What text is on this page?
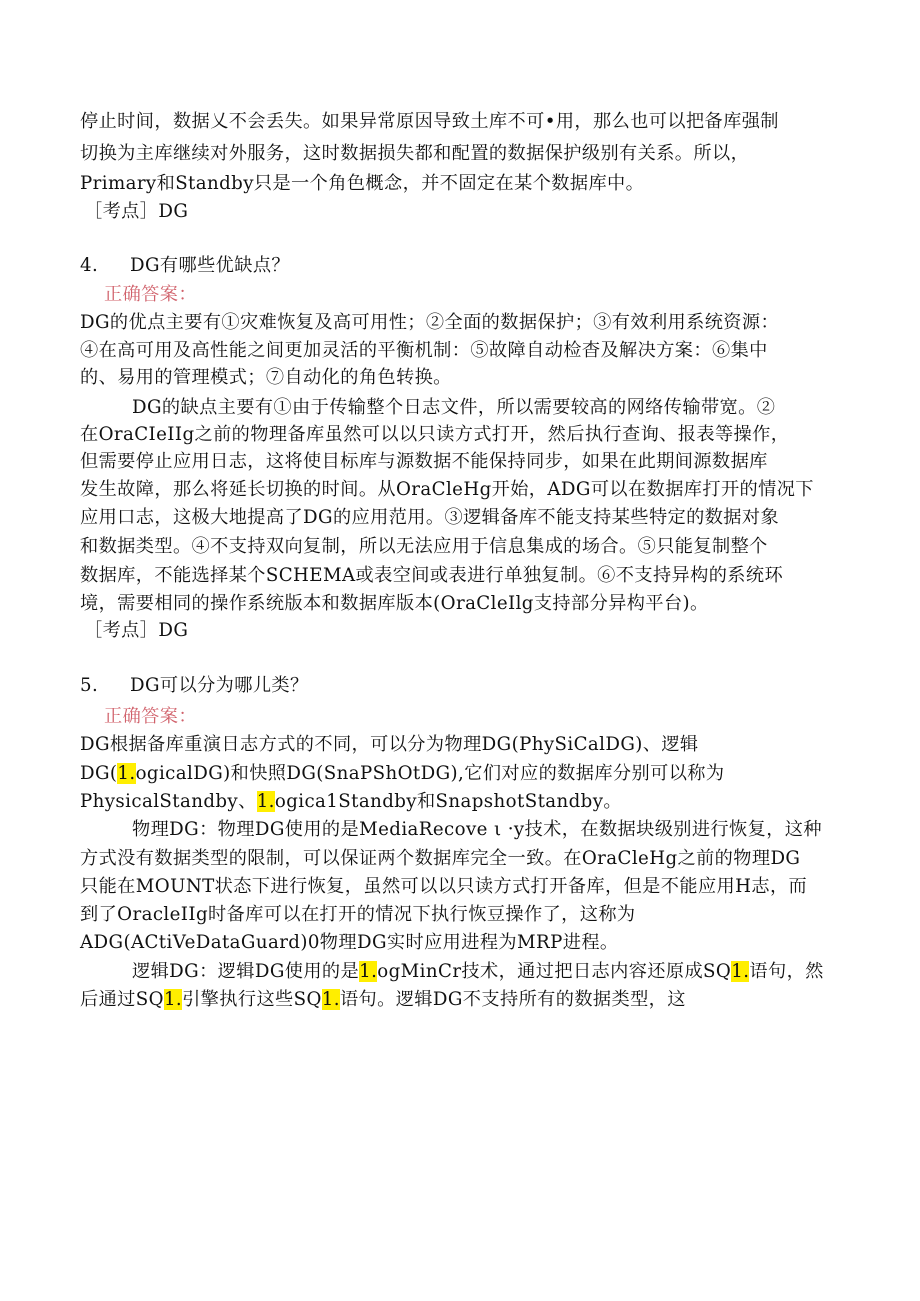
停止时间，数据乂不会丢失。如果异常原因导致土库不可•用，那么也可以把备库强制
切换为主库继续对外服务，这时数据损失都和配置的数据保护级别有关系。所以，
Primary和Standby只是一个角色概念，并不固定在某个数据库中。
［考点］DG
4. DG有哪些优缺点？
正确答案：
DG的优点主要有①灾难恢复及高可用性；②全面的数据保护；③有效利用系统资源：
④在高可用及高性能之间更加灵活的平衡机制：⑤故障自动检杳及解决方案：⑥集中
的、易用的管理模式；⑦自动化的角色转换。
DG的缺点主要有①由于传输整个日志文件，所以需要较高的网络传输带宽。②
在OraCIeIIg之前的物理备库虽然可以以只读方式打开，然后执行查询、报表等操作，
但需要停止应用日志，这将使目标库与源数据不能保持同步，如果在此期间源数据库
发生故障，那么将延长切换的时间。从OraCleHg开始，ADG可以在数据库打开的情况下
应用口志，这极大地提高了DG的应用范用。③逻辑备库不能支持某些特定的数据对象
和数据类型。④不支持双向复制，所以无法应用于信息集成的场合。⑤只能复制整个
数据库，不能选择某个SCHEMA或表空间或表进行单独复制。⑥不支持异构的系统环
境，需要相同的操作系统版本和数据库版本(OraCleIlg支持部分异构平台)。
［考点］DG
5. DG可以分为哪儿类？
正确答案：
DG根据备库重演日志方式的不同，可以分为物理DG(PhySiCalDG)、逻辑
DG(1.ogicalDG)和快照DG(SnaPShOtDG),它们对应的数据库分别可以称为
PhysicalStandby、1.ogica1Standby和SnapshotStandby。
物理DG：物理DG使用的是MediaRecove ι ·y技术，在数据块级别进行恢复，这种
方式没有数据类型的限制，可以保证两个数据库完全一致。在OraCleHg之前的物理DG
只能在MOUNT状态下进行恢复，虽然可以以只读方式打开备库，但是不能应用H志，而
到了OracleIIg时备库可以在打开的情况下执行恢豆操作了，这称为
ADG(ACtiVeDataGuard)0物理DG实时应用进程为MRP进程。
逻辑DG：逻辑DG使用的是1.ogMinCr技术，通过把日志内容还原成SQ1.语句，然
后通过SQ1.引擎执行这些SQ1.语句。逻辑DG不支持所有的数据类型，这
